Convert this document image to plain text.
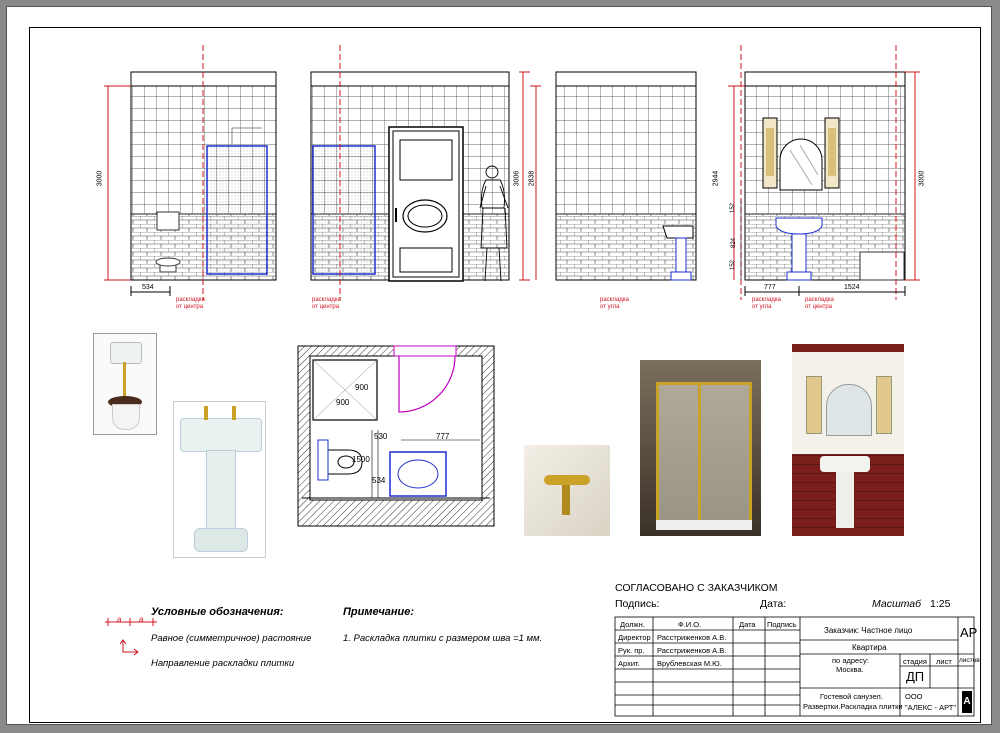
3000
534
3006 2838	2944	3000
152
824
152
777	1524
раскладка
от центра
раскладка
от центра
раскладка
от угла
раскладка
от угла
раскладка
от центра
900
900
530	777
1500
534
Условные обозначения:
a a
Равное (симметричное) растояние
Направление раскладки плитки
Примечание:
1. Раскладка плитки с размером шва =1 мм.
СОГЛАСОВАНО С ЗАКАЗЧИКОМ
Подпись:	Дата:	Масштаб 1:25
Должн.	Ф.И.О.	Дата Подпись
Директор Расстриженков А.В.
Рук. пр. Расстриженков А.В.
Архит. Врублевская М.Ю.
Заказчик: Частное лицо
Квартира
по адресу:
Москва.
стадия лист листов
ДП
АР
Гостевой санузел.
Развертки.Раскладка плитки
ООО
"АЛЕКС - АРТ"
A
